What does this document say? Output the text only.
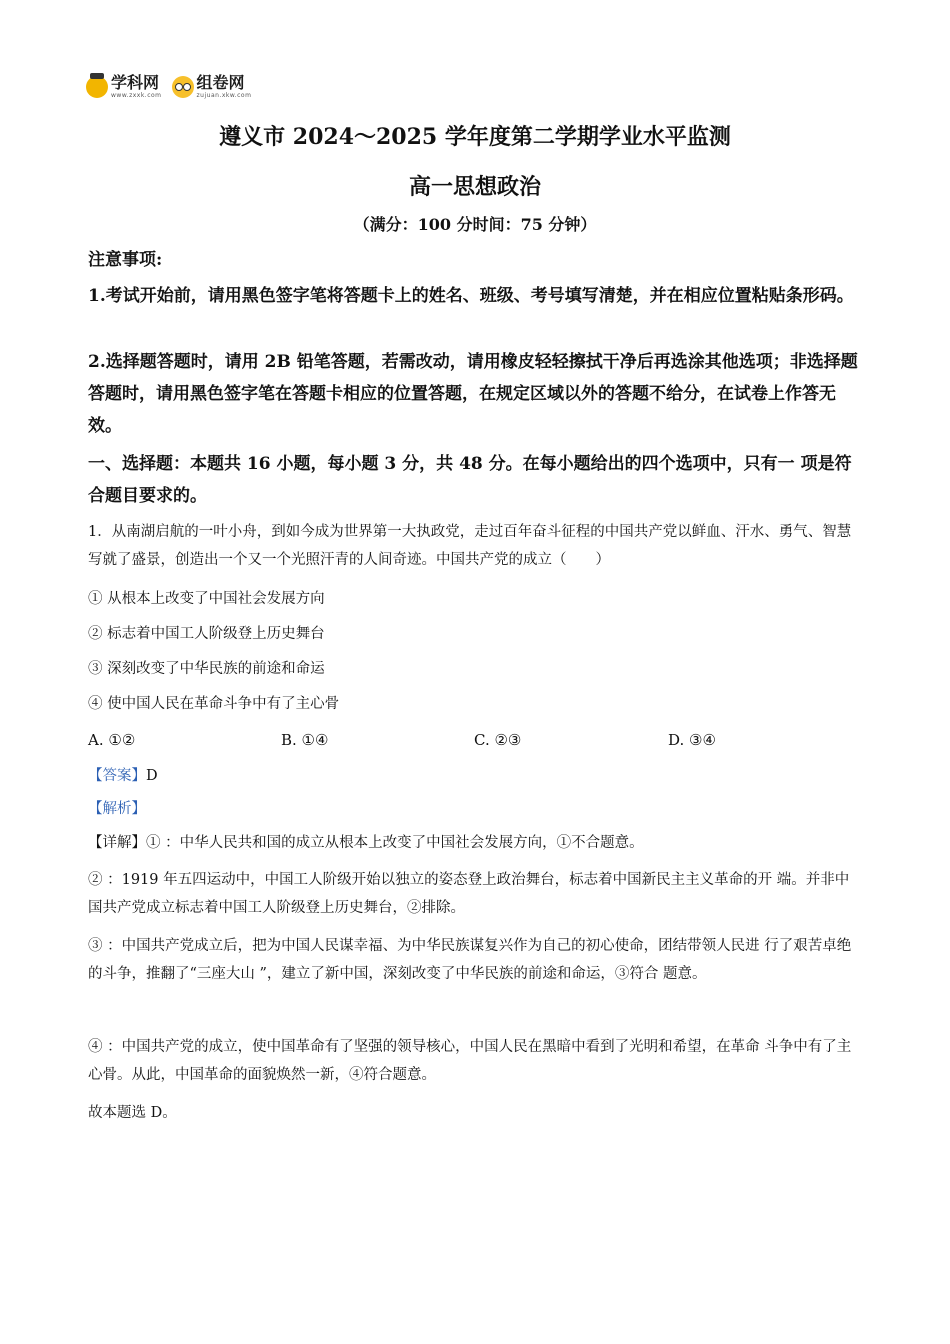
学科网
www.zxxk.com
组卷网
zujuan.xkw.com
遵义市 2024～2025 学年度第二学期学业水平监测
高一思想政治
（满分：100 分时间：75 分钟）
注意事项:
1.考试开始前，请用黑色签字笔将答题卡上的姓名、班级、考号填写清楚，并在相应位置粘贴条形码。
2.选择题答题时，请用 2B 铅笔答题，若需改动，请用橡皮轻轻擦拭干净后再选涂其他选项；非选择题答题时，请用黑色签字笔在答题卡相应的位置答题，在规定区域以外的答题不给分，在试卷上作答无效。
一、选择题：本题共 16 小题，每小题 3 分，共 48 分。在每小题给出的四个选项中，只有一 项是符合题目要求的。
1．从南湖启航的一叶小舟，到如今成为世界第一大执政党，走过百年奋斗征程的中国共产党以鲜血、汗水、勇气、智慧写就了盛景，创造出一个又一个光照汗青的人间奇迹。中国共产党的成立（　　）
① 从根本上改变了中国社会发展方向
② 标志着中国工人阶级登上历史舞台
③ 深刻改变了中华民族的前途和命运
④ 使中国人民在革命斗争中有了主心骨
A. ①②	B. ①④	C. ②③	D. ③④
【答案】D
【解析】
【详解】① ：中华人民共和国的成立从根本上改变了中国社会发展方向，①不合题意。
② ：1919 年五四运动中，中国工人阶级开始以独立的姿态登上政治舞台，标志着中国新民主主义革命的开 端。并非中国共产党成立标志着中国工人阶级登上历史舞台，②排除。
③ ：中国共产党成立后，把为中国人民谋幸福、为中华民族谋复兴作为自己的初心使命，团结带领人民进 行了艰苦卓绝的斗争，推翻了“三座大山 ”，建立了新中国，深刻改变了中华民族的前途和命运，③符合 题意。
④ ：中国共产党的成立，使中国革命有了坚强的领导核心，中国人民在黑暗中看到了光明和希望，在革命 斗争中有了主心骨。从此，中国革命的面貌焕然一新，④符合题意。
故本题选 D。
